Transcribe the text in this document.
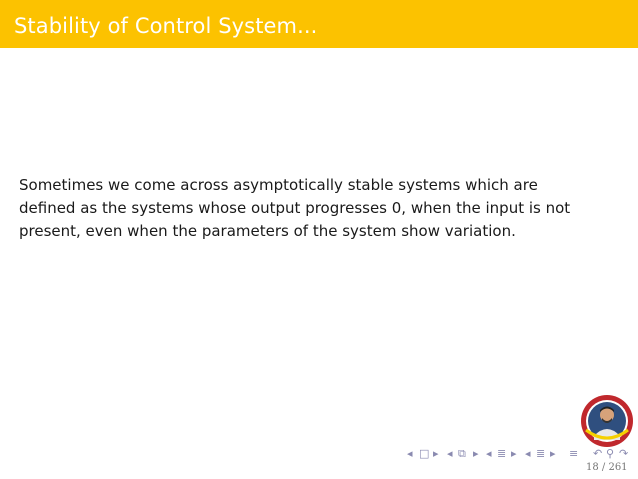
Stability of Control System...
Sometimes we come across asymptotically stable systems which are
defined as the systems whose output progresses 0, when the input is not
present, even when the parameters of the system show variation.
◂ □ ▸ ◂ ⧉ ▸ ◂ ≣ ▸ ◂ ≣ ▸ ≡ ↶ ⚲ ↷
18 / 261
